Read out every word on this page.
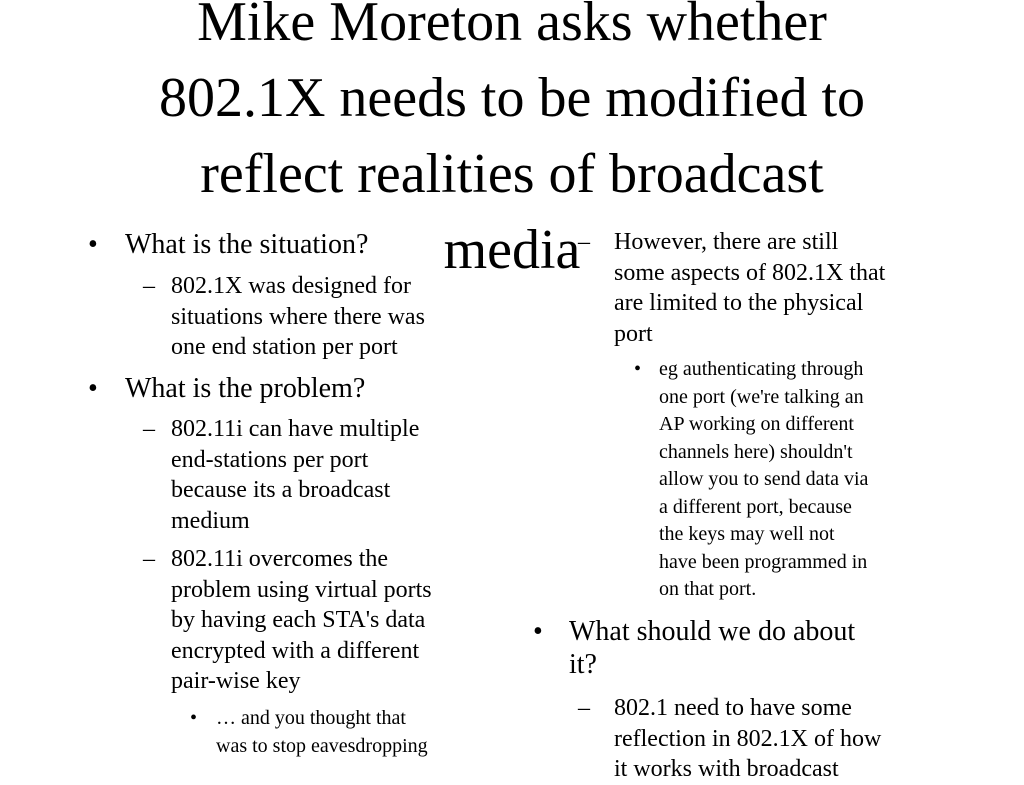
• What is the situation?
– 802.1X was designed for
situations where there was
one end station per port
• What is the problem?
– 802.11i can have multiple
end-stations per port
because its a broadcast
medium
– 802.11i overcomes the
problem using virtual ports
by having each STA's data
encrypted with a different
pair-wise key
• … and you thought that
was to stop eavesdropping
– However, there are still
some aspects of 802.1X that
are limited to the physical
port
• eg authenticating through
one port (we're talking an
AP working on different
channels here) shouldn't
allow you to send data via
a different port, because
the keys may well not
have been programmed in
on that port.
• What should we do about
it?
– 802.1 need to have some
reflection in 802.1X of how
it works with broadcast
Mike Moreton asks whether
802.1X needs to be modified to
reflect realities of broadcast
media
